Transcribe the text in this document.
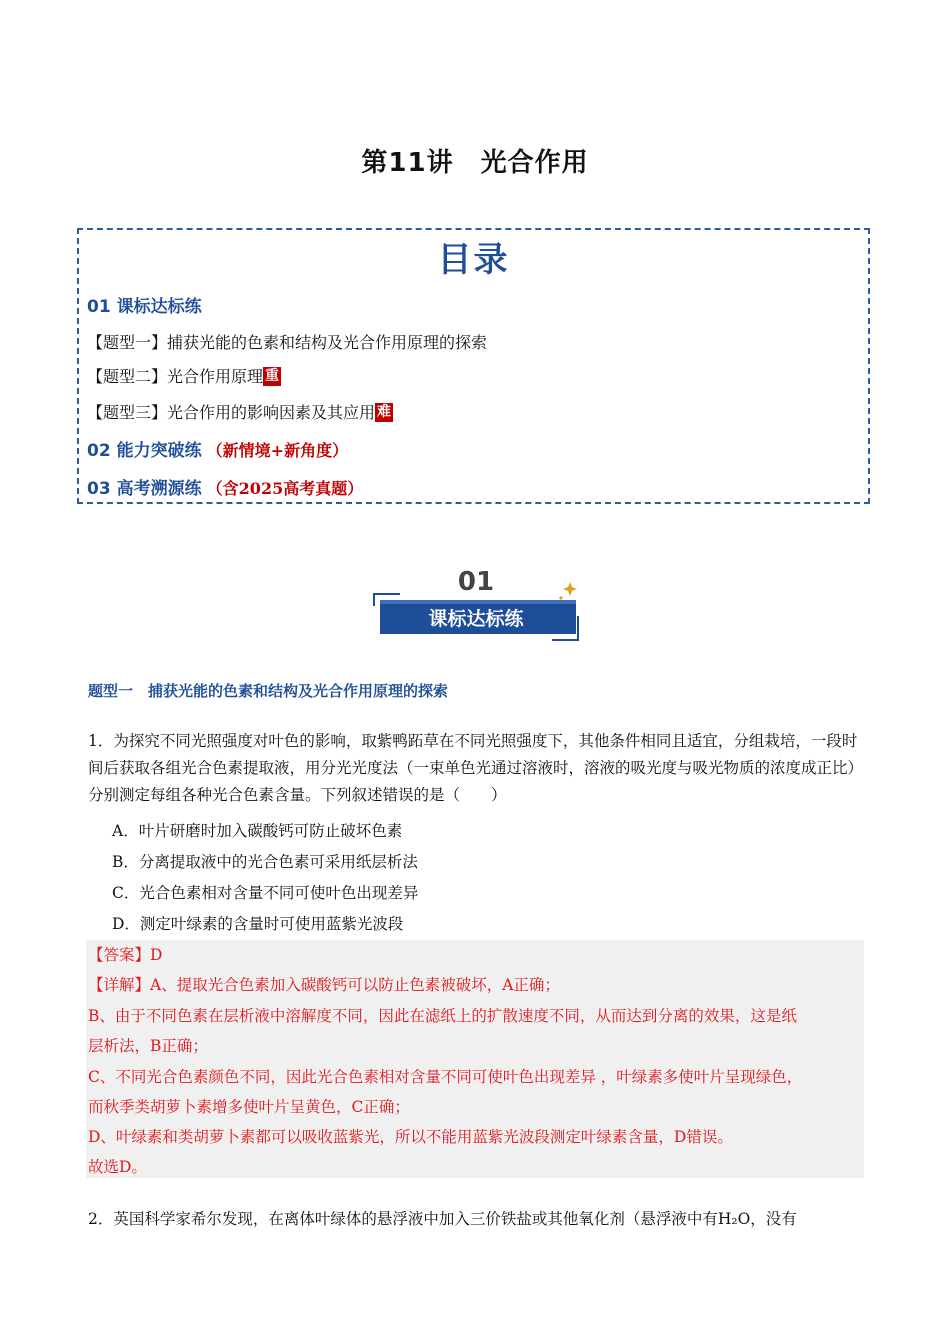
第11讲　光合作用
目录
01 课标达标练
【题型一】捕获光能的色素和结构及光合作用原理的探索
【题型二】光合作用原理 重
【题型三】光合作用的影响因素及其应用 难
02 能力突破练 （新情境+新角度）
03 高考溯源练 （含2025高考真题）
01
课标达标练
题型一　捕获光能的色素和结构及光合作用原理的探索
1．为探究不同光照强度对叶色的影响，取紫鸭跖草在不同光照强度下，其他条件相同且适宜，分组栽培，一段时间后获取各组光合色素提取液，用分光光度法（一束单色光通过溶液时，溶液的吸光度与吸光物质的浓度成正比）分别测定每组各种光合色素含量。下列叙述错误的是（　　）
A．叶片研磨时加入碳酸钙可防止破坏色素
B．分离提取液中的光合色素可采用纸层析法
C．光合色素相对含量不同可使叶色出现差异
D．测定叶绿素的含量时可使用蓝紫光波段
【答案】D
【详解】A、提取光合色素加入碳酸钙可以防止色素被破坏，A正确；
B、由于不同色素在层析液中溶解度不同，因此在滤纸上的扩散速度不同，从而达到分离的效果，这是纸
层析法，B正确；
C、不同光合色素颜色不同，因此光合色素相对含量不同可使叶色出现差异 ，叶绿素多使叶片呈现绿色，
而秋季类胡萝卜素增多使叶片呈黄色，C正确；
D、叶绿素和类胡萝卜素都可以吸收蓝紫光，所以不能用蓝紫光波段测定叶绿素含量，D错误。
故选D。
2．英国科学家希尔发现，在离体叶绿体的悬浮液中加入三价铁盐或其他氧化剂（悬浮液中有H₂O，没有
